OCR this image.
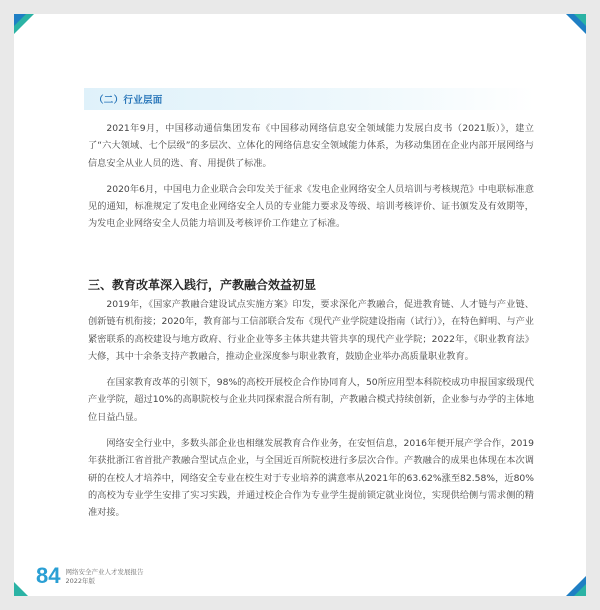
（二）行业层面

2021年9月，中国移动通信集团发布《中国移动网络信息安全领域能力发展白皮书（2021版）》，建立了“六大领域、七个层级”的多层次、立体化的网络信息安全领域能力体系，为移动集团在企业内部开展网络与信息安全从业人员的选、育、用提供了标准。

2020年6月，中国电力企业联合会印发关于征求《发电企业网络安全人员培训与考核规范》中电联标准意见的通知，标准规定了发电企业网络安全人员的专业能力要求及等级、培训考核评价、证书颁发及有效期等，为发电企业网络安全人员能力培训及考核评价工作建立了标准。

三、教育改革深入践行，产教融合效益初显

2019年，《国家产教融合建设试点实施方案》印发，要求深化产教融合，促进教育链、人才链与产业链、创新链有机衔接；2020年，教育部与工信部联合发布《现代产业学院建设指南（试行）》，在特色鲜明、与产业紧密联系的高校建设与地方政府、行业企业等多主体共建共管共享的现代产业学院；2022年，《职业教育法》大修，其中十余条支持产教融合，推动企业深度参与职业教育，鼓励企业举办高质量职业教育。

在国家教育改革的引领下，98%的高校开展校企合作协同育人，50所应用型本科院校成功申报国家级现代产业学院，超过10%的高职院校与企业共同探索混合所有制，产教融合模式持续创新，企业参与办学的主体地位日益凸显。

网络安全行业中，多数头部企业也相继发展教育合作业务，在安恒信息，2016年便开展产学合作，2019年获批浙江省首批产教融合型试点企业，与全国近百所院校进行多层次合作。产教融合的成果也体现在本次调研的在校人才培养中，网络安全专业在校生对于专业培养的满意率从2021年的63.62%涨至82.58%，近80%的高校为专业学生安排了实习实践，并通过校企合作为专业学生提前锁定就业岗位，实现供给侧与需求侧的精准对接。

84 网络安全产业人才发展报告
2022年版
